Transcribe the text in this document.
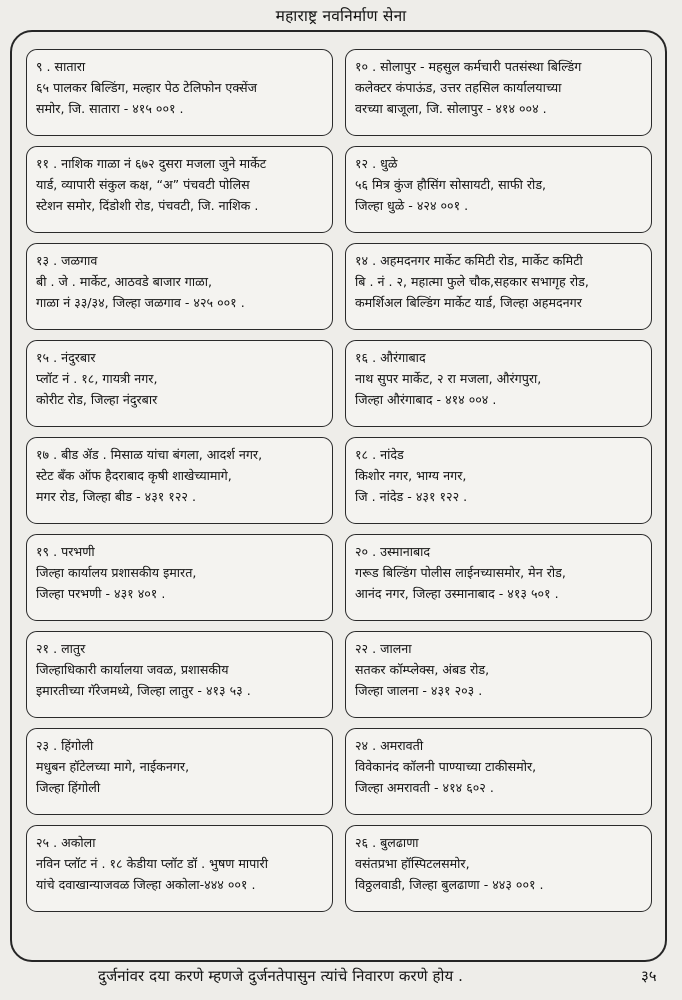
महाराष्ट्र नवनिर्माण सेना
९ . सातारा
६५ पालकर बिल्डिंग, मल्हार पेठ टेलिफोन एक्सेंज
समोर, जि. सातारा - ४१५ ००१ .
१० . सोलापुर - महसुल कर्मचारी पतसंस्था बिल्डिंग
कलेक्टर कंपाऊंड, उत्तर तहसिल कार्यालयाच्या
वरच्या बाजूला, जि. सोलापुर - ४१४ ००४ .
११ . नाशिक गाळा नं ६७२ दुसरा मजला जुने मार्केट
यार्ड, व्यापारी संकुल कक्ष, “अ” पंचवटी पोलिस
स्टेशन समोर, दिंडोशी रोड, पंचवटी, जि. नाशिक .
१२ . धुळे
५६ मित्र कुंज हौसिंग सोसायटी, साफी रोड,
जिल्हा धुळे - ४२४ ००१ .
१३ . जळगाव
बी . जे . मार्केट, आठवडे बाजार गाळा,
गाळा नं ३३/३४, जिल्हा जळगाव - ४२५ ००१ .
१४ . अहमदनगर मार्केट कमिटी रोड, मार्केट कमिटी
बि . नं . २, महात्मा फुले चौक,सहकार सभागृह रोड,
कमर्शिअल बिल्डिंग मार्केट यार्ड, जिल्हा अहमदनगर
१५ . नंदुरबार
प्लॉट नं . १८, गायत्री नगर,
कोरीट रोड, जिल्हा नंदुरबार
१६ . औरंगाबाद
नाथ सुपर मार्केट, २ रा मजला, औरंगपुरा,
जिल्हा औरंगाबाद - ४१४ ००४ .
१७ . बीड ॲड . मिसाळ यांचा बंगला, आदर्श नगर,
स्टेट बँक ऑफ हैदराबाद कृषी शाखेच्यामागे,
मगर रोड, जिल्हा बीड - ४३१ १२२ .
१८ . नांदेड
किशोर नगर, भाग्य नगर,
जि . नांदेड - ४३१ १२२ .
१९ . परभणी
जिल्हा कार्यालय प्रशासकीय इमारत,
जिल्हा परभणी - ४३१ ४०१ .
२० . उस्मानाबाद
गरूड बिल्डिंग पोलीस लाईनच्यासमोर, मेन रोड,
आनंद नगर, जिल्हा उस्मानाबाद - ४१३ ५०१ .
२१ . लातुर
जिल्हाधिकारी कार्यालया जवळ, प्रशासकीय
इमारतीच्या गॅरेजमध्ये, जिल्हा लातुर - ४१३ ५३ .
२२ . जालना
सतकर कॉम्प्लेक्स, अंबड रोड,
जिल्हा जालना - ४३१ २०३ .
२३ . हिंगोली
मधुबन हॉटेलच्या मागे, नाईकनगर,
जिल्हा हिंगोली
२४ . अमरावती
विवेकानंद कॉलनी पाण्याच्या टाकीसमोर,
जिल्हा अमरावती - ४१४ ६०२ .
२५ . अकोला
नविन प्लॉट नं . १८ केडीया प्लॉट डॉ . भुषण मापारी
यांचे दवाखान्याजवळ जिल्हा अकोला-४४४ ००१ .
२६ . बुलढाणा
वसंतप्रभा हॉस्पिटलसमोर,
विठ्ठलवाडी, जिल्हा बुलढाणा - ४४३ ००१ .
दुर्जनांवर दया करणे म्हणजे दुर्जनतेपासुन त्यांचे निवारण करणे होय .	३५
